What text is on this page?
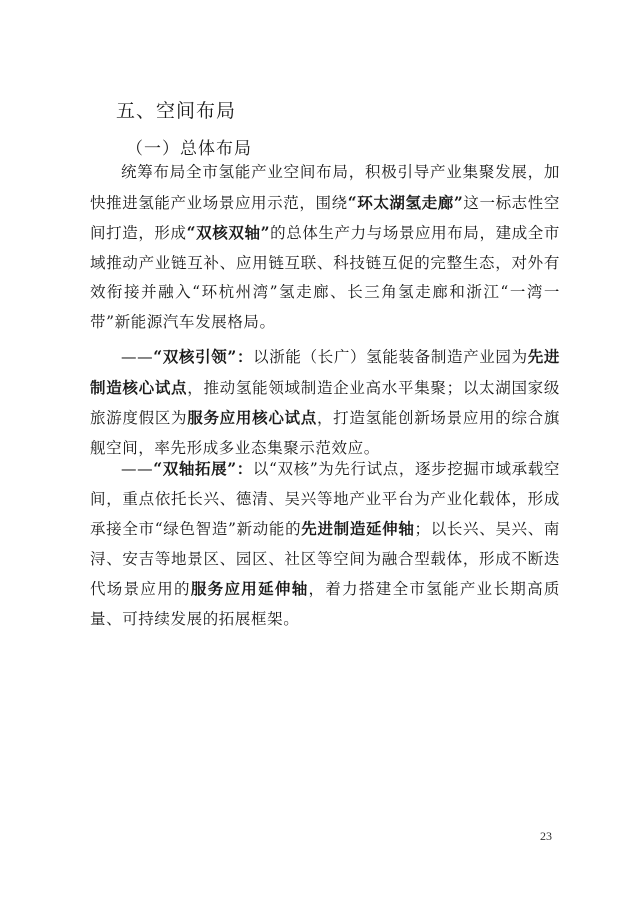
五、空间布局
（一）总体布局

统筹布局全市氢能产业空间布局，积极引导产业集聚发展，加快推进氢能产业场景应用示范，围绕“环太湖氢走廊”这一标志性空间打造，形成“双核双轴”的总体生产力与场景应用布局，建成全市域推动产业链互补、应用链互联、科技链互促的完整生态，对外有效衔接并融入“环杭州湾”氢走廊、长三角氢走廊和浙江“一湾一带”新能源汽车发展格局。

——“双核引领”：以浙能（长广）氢能装备制造产业园为先进制造核心试点，推动氢能领域制造企业高水平集聚；以太湖国家级旅游度假区为服务应用核心试点，打造氢能创新场景应用的综合旗舰空间，率先形成多业态集聚示范效应。

——“双轴拓展”：以“双核”为先行试点，逐步挖掘市域承载空间，重点依托长兴、德清、吴兴等地产业平台为产业化载体，形成承接全市“绿色智造”新动能的先进制造延伸轴；以长兴、吴兴、南浔、安吉等地景区、园区、社区等空间为融合型载体，形成不断迭代场景应用的服务应用延伸轴，着力搭建全市氢能产业长期高质量、可持续发展的拓展框架。

23
